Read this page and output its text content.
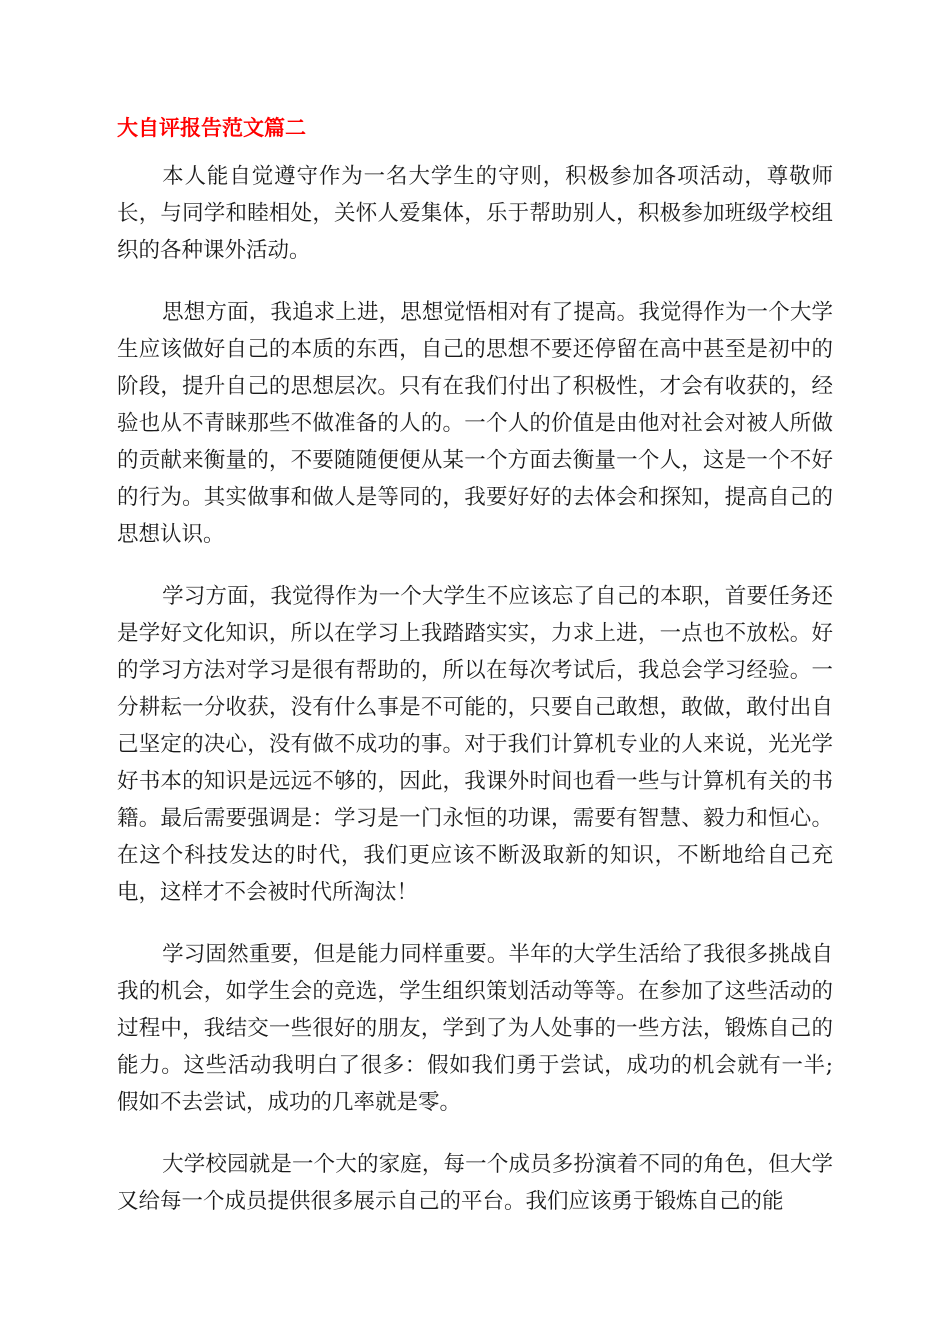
大自评报告范文篇二

本人能自觉遵守作为一名大学生的守则，积极参加各项活动，尊敬师长，与同学和睦相处，关怀人爱集体，乐于帮助别人，积极参加班级学校组织的各种课外活动。

思想方面，我追求上进，思想觉悟相对有了提高。我觉得作为一个大学生应该做好自己的本质的东西，自己的思想不要还停留在高中甚至是初中的阶段，提升自己的思想层次。只有在我们付出了积极性，才会有收获的，经验也从不青睐那些不做准备的人的。一个人的价值是由他对社会对被人所做的贡献来衡量的，不要随随便便从某一个方面去衡量一个人，这是一个不好的行为。其实做事和做人是等同的，我要好好的去体会和探知，提高自己的思想认识。

学习方面，我觉得作为一个大学生不应该忘了自己的本职，首要任务还是学好文化知识，所以在学习上我踏踏实实，力求上进，一点也不放松。好的学习方法对学习是很有帮助的，所以在每次考试后，我总会学习经验。一分耕耘一分收获，没有什么事是不可能的，只要自己敢想，敢做，敢付出自己坚定的决心，没有做不成功的事。对于我们计算机专业的人来说，光光学好书本的知识是远远不够的，因此，我课外时间也看一些与计算机有关的书籍。最后需要强调是：学习是一门永恒的功课，需要有智慧、毅力和恒心。在这个科技发达的时代，我们更应该不断汲取新的知识，不断地给自己充电，这样才不会被时代所淘汰！

学习固然重要，但是能力同样重要。半年的大学生活给了我很多挑战自我的机会，如学生会的竞选，学生组织策划活动等等。在参加了这些活动的过程中，我结交一些很好的朋友，学到了为人处事的一些方法，锻炼自己的能力。这些活动我明白了很多：假如我们勇于尝试，成功的机会就有一半;假如不去尝试，成功的几率就是零。

大学校园就是一个大的家庭，每一个成员多扮演着不同的角色，但大学又给每一个成员提供很多展示自己的平台。我们应该勇于锻炼自己的能
